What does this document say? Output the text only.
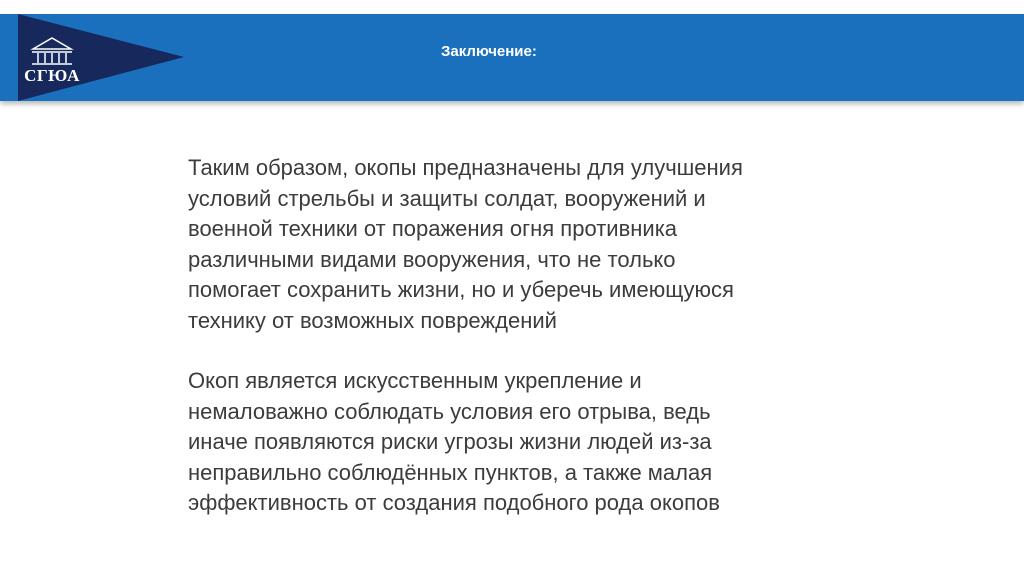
СГЮА
Заключение:

Таким образом, окопы предназначены для улучшения
условий стрельбы и защиты солдат, вооружений и
военной техники от поражения огня противника
различными видами вооружения, что не только
помогает сохранить жизни, но и уберечь имеющуюся
технику от возможных повреждений

Окоп является искусственным укрепление и
немаловажно соблюдать условия его отрыва, ведь
иначе появляются риски угрозы жизни людей из-за
неправильно соблюдённых пунктов, а также малая
эффективность от создания подобного рода окопов
